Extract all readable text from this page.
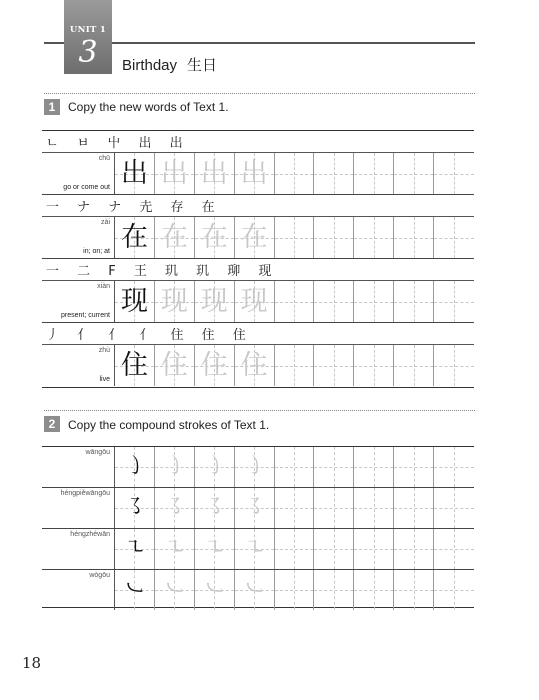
UNIT 1
3	Birthday 生日
1	Copy the new words of Text 1.
ㄴ ㅂ 屮 出 出
chū
go or come out 出 出 出 出
一 ナ ナ 圥 存 在
zài
in; on; at 在 在 在 在
一 二 F 王 玑 玑 珋 现
xiàn
present; current 现 现 现 现
丿 亻 亻 亻 住 住 住
zhù
live 住 住 住 住
2	Copy the compound strokes of Text 1.
wāngōu
㇁ ㇁ ㇁ ㇁
héngpiěwāngōu
㇌ ㇌ ㇌ ㇌
héngzhéwān
㇍ ㇍ ㇍ ㇍
wògōu
㇃ ㇃ ㇃ ㇃
18
